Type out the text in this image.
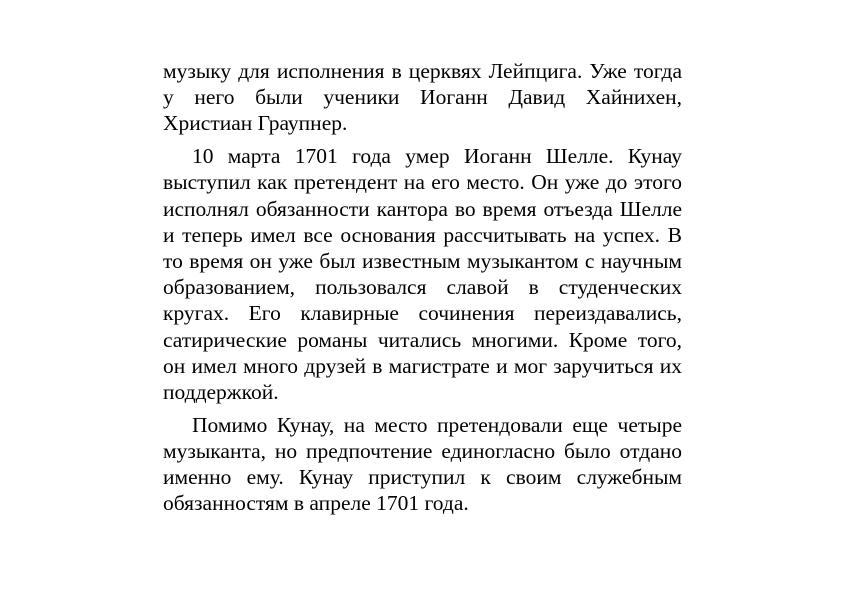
музыку для исполнения в церквях Лейпцига. Уже тогда у него были ученики Иоганн Давид Хайнихен, Христиан Граупнер.

10 марта 1701 года умер Иоганн Шелле. Кунау выступил как претендент на его место. Он уже до этого исполнял обязанности кантора во время отъезда Шелле и теперь имел все основания рассчитывать на успех. В то время он уже был известным музыкантом с научным образованием, пользовался славой в студенческих кругах. Его клавирные сочинения переиздавались, сатирические романы читались многими. Кроме того, он имел много друзей в магистрате и мог заручиться их поддержкой.

Помимо Кунау, на место претендовали еще четыре музыканта, но предпочтение единогласно было отдано именно ему. Кунау приступил к своим служебным обязанностям в апреле 1701 года.
